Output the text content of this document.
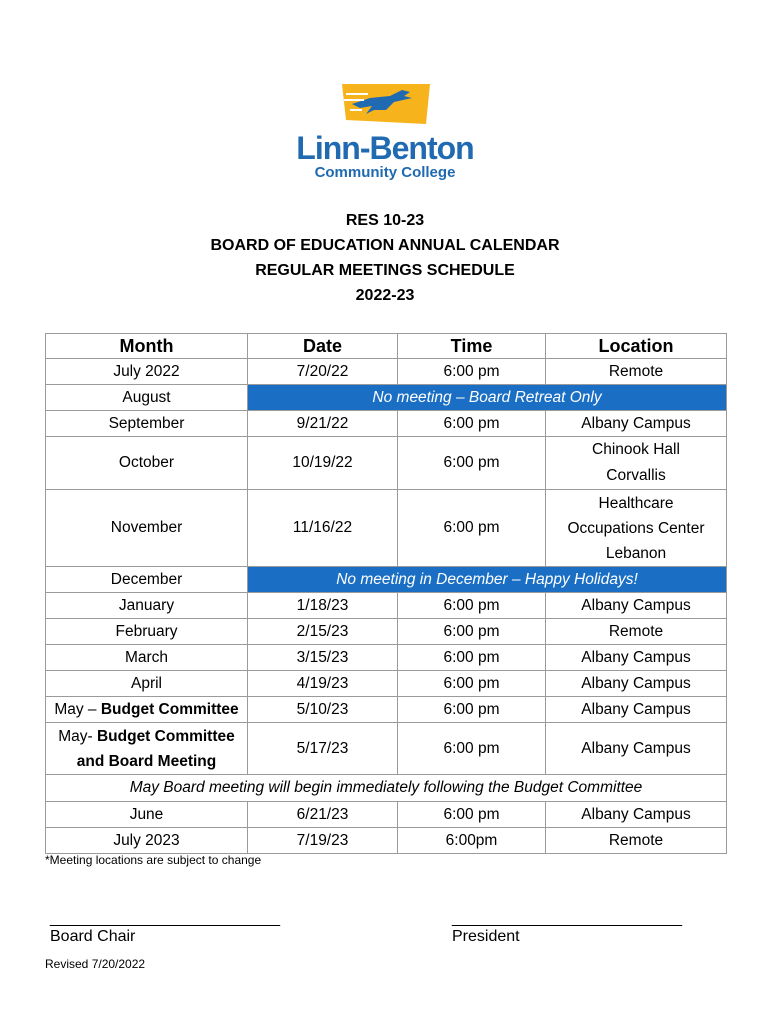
Linn-Benton
Community College
RES 10-23
BOARD OF EDUCATION ANNUAL CALENDAR
REGULAR MEETINGS SCHEDULE
2022-23
Month	Date	Time	Location
July 2022	7/20/22	6:00 pm	Remote
August	No meeting – Board Retreat Only		
September	9/21/22	6:00 pm	Albany Campus
October	10/19/22	6:00 pm	Chinook Hall
Corvallis

November	11/16/22	6:00 pm	Healthcare
Occupations Center
Lebanon

December	No meeting in December – Happy Holidays!		
January	1/18/23	6:00 pm	Albany Campus
February	2/15/23	6:00 pm	Remote
March	3/15/23	6:00 pm	Albany Campus
April	4/19/23	6:00 pm	Albany Campus
May – Budget Committee	5/10/23	6:00 pm	Albany Campus

May- Budget Committee
and Board Meeting	5/17/23	6:00 pm	Albany Campus
May Board meeting will begin immediately following the Budget Committee			
June	6/21/23	6:00 pm	Albany Campus
July 2023	7/19/23	6:00pm	Remote
*Meeting locations are subject to change
_____________________________
Board Chair
_____________________________
President
Revised 7/20/2022
